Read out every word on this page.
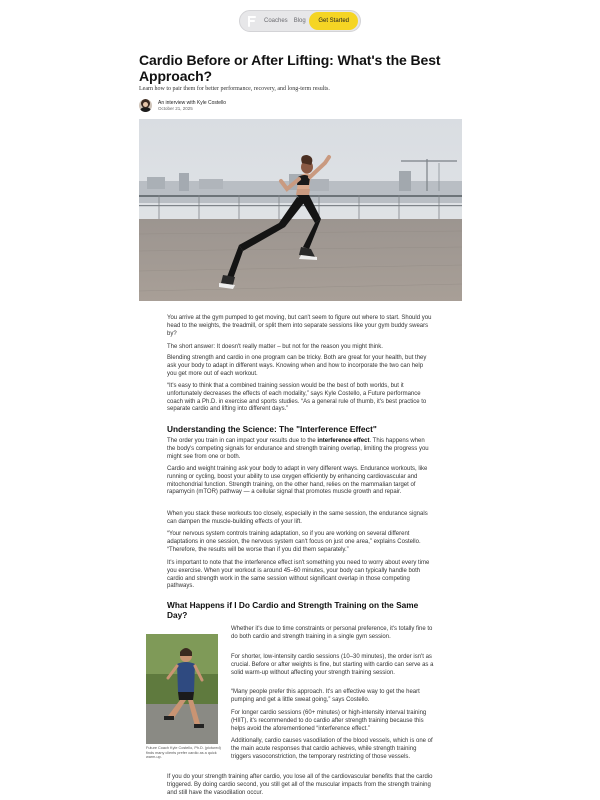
Coaches Blog	Get Started
Cardio Before or After Lifting: What's the Best Approach?
Learn how to pair them for better performance, recovery, and long-term results.
An interview with Kyle Costello
October 21, 2025

You arrive at the gym pumped to get moving, but can't seem to figure out where to start. Should you head to the weights, the treadmill, or split them into separate sessions like your gym buddy swears by?

The short answer: It doesn't really matter – but not for the reason you might think.

Blending strength and cardio in one program can be tricky. Both are great for your health, but they ask your body to adapt in different ways. Knowing when and how to incorporate the two can help you get more out of each workout.

“It's easy to think that a combined training session would be the best of both worlds, but it unfortunately decreases the effects of each modality,” says Kyle Costello, a Future performance coach with a Ph.D. in exercise and sports studies. “As a general rule of thumb, it's best practice to separate cardio and lifting into different days.”

Understanding the Science: The "Interference Effect"

The order you train in can impact your results due to the interference effect. This happens when the body's competing signals for endurance and strength training overlap, limiting the progress you might see from one or both.

Cardio and weight training ask your body to adapt in very different ways. Endurance workouts, like running or cycling, boost your ability to use oxygen efficiently by enhancing cardiovascular and mitochondrial function. Strength training, on the other hand, relies on the mammalian target of rapamycin (mTOR) pathway — a cellular signal that promotes muscle growth and repair.

When you stack these workouts too closely, especially in the same session, the endurance signals can dampen the muscle-building effects of your lift.

“Your nervous system controls training adaptation, so if you are working on several different adaptations in one session, the nervous system can't focus on just one area,” explains Costello. “Therefore, the results will be worse than if you did them separately.”

It's important to note that the interference effect isn't something you need to worry about every time you exercise. When your workout is around 45–60 minutes, your body can typically handle both cardio and strength work in the same session without significant overlap in those competing pathways.

What Happens if I Do Cardio and Strength Training on the Same Day?
Future Coach Kyle Costello, Ph.D. (pictured) finds many clients prefer cardio as a quick warm-up.

Whether it's due to time constraints or personal preference, it's totally fine to do both cardio and strength training in a single gym session.

For shorter, low-intensity cardio sessions (10–30 minutes), the order isn't as crucial. Before or after weights is fine, but starting with cardio can serve as a solid warm-up without affecting your strength training session.

“Many people prefer this approach. It's an effective way to get the heart pumping and get a little sweat going,” says Costello.

For longer cardio sessions (60+ minutes) or high-intensity interval training (HIIT), it's recommended to do cardio after strength training because this helps avoid the aforementioned “interference effect.”

Additionally, cardio causes vasodilation of the blood vessels, which is one of the main acute responses that cardio achieves, while strength training triggers vasoconstriction, the temporary restricting of those vessels.

If you do your strength training after cardio, you lose all of the cardiovascular benefits that the cardio triggered. By doing cardio second, you still get all of the muscular impacts from the strength training and still have the vasodilation occur.
